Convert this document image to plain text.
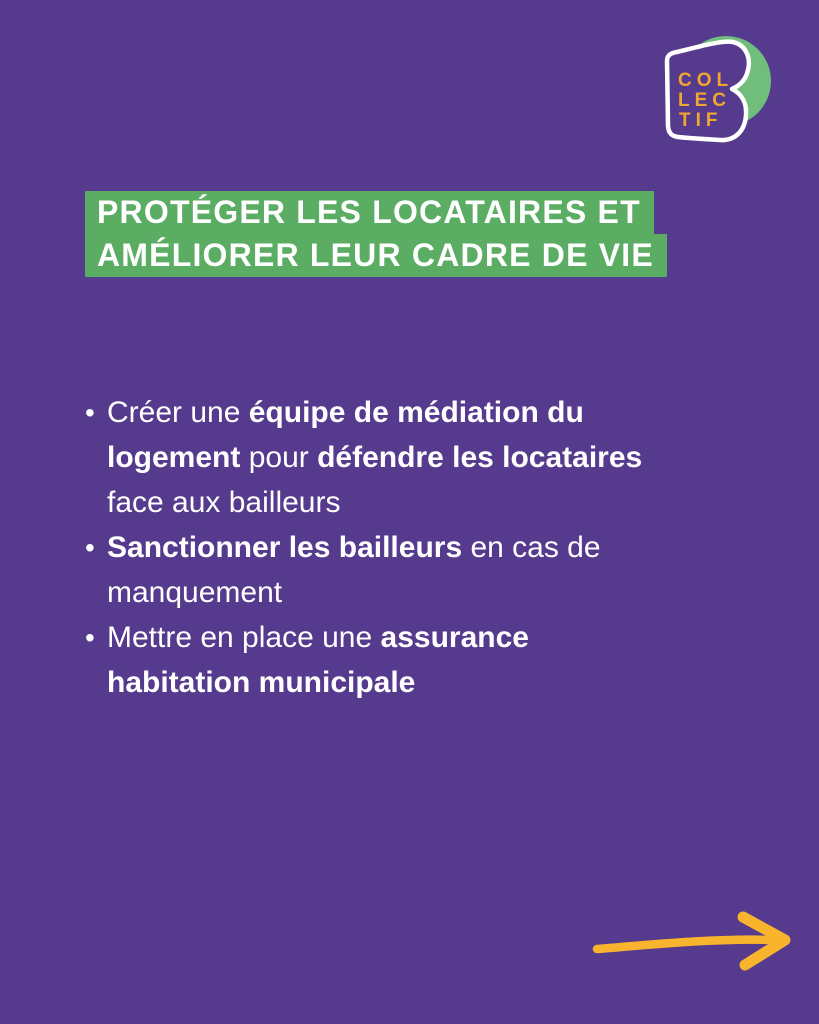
COL
LEC
TIF
PROTÉGER LES LOCATAIRES ET
AMÉLIORER LEUR CADRE DE VIE
• Créer une équipe de médiation du
logement pour défendre les locataires
face aux bailleurs
• Sanctionner les bailleurs en cas de
manquement
• Mettre en place une assurance
habitation municipale
